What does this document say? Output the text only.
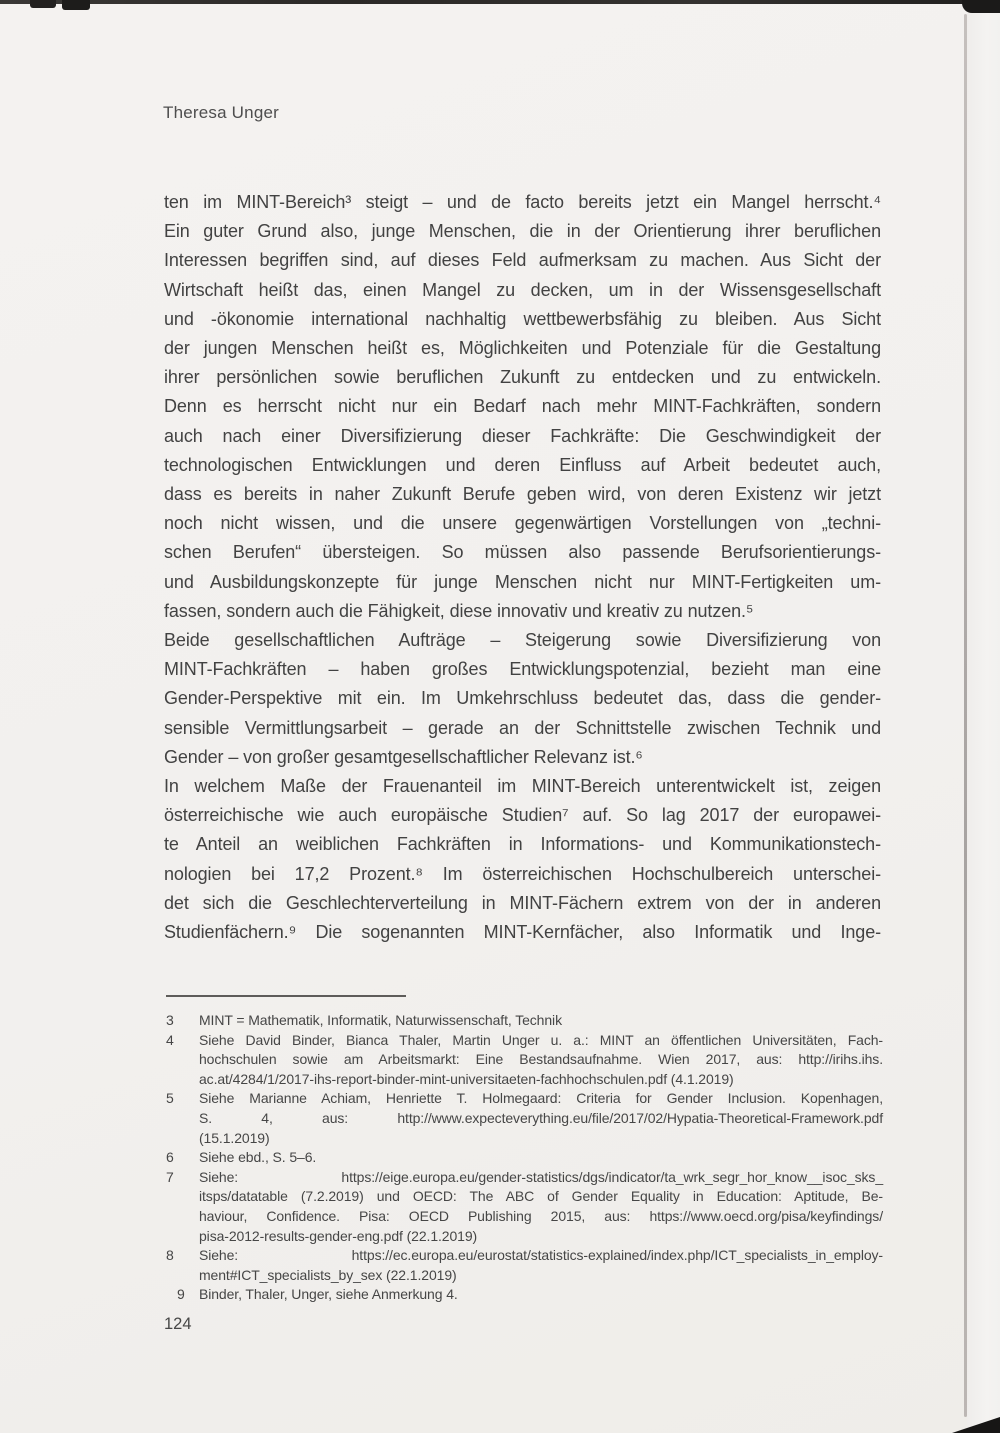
Theresa Unger
ten im MINT-Bereich³ steigt – und de facto bereits jetzt ein Mangel herrscht.⁴
Ein guter Grund also, junge Menschen, die in der Orientierung ihrer beruflichen
Interessen begriffen sind, auf dieses Feld aufmerksam zu machen. Aus Sicht der
Wirtschaft heißt das, einen Mangel zu decken, um in der Wissensgesellschaft
und -ökonomie international nachhaltig wettbewerbsfähig zu bleiben. Aus Sicht
der jungen Menschen heißt es, Möglichkeiten und Potenziale für die Gestaltung
ihrer persönlichen sowie beruflichen Zukunft zu entdecken und zu entwickeln.
Denn es herrscht nicht nur ein Bedarf nach mehr MINT-Fachkräften, sondern
auch nach einer Diversifizierung dieser Fachkräfte: Die Geschwindigkeit der
technologischen Entwicklungen und deren Einfluss auf Arbeit bedeutet auch,
dass es bereits in naher Zukunft Berufe geben wird, von deren Existenz wir jetzt
noch nicht wissen, und die unsere gegenwärtigen Vorstellungen von „techni-
schen Berufen“ übersteigen. So müssen also passende Berufsorientierungs-
und Ausbildungskonzepte für junge Menschen nicht nur MINT-Fertigkeiten um-
fassen, sondern auch die Fähigkeit, diese innovativ und kreativ zu nutzen.⁵
Beide gesellschaftlichen Aufträge – Steigerung sowie Diversifizierung von
MINT-Fachkräften – haben großes Entwicklungspotenzial, bezieht man eine
Gender-Perspektive mit ein. Im Umkehrschluss bedeutet das, dass die gender-
sensible Vermittlungsarbeit – gerade an der Schnittstelle zwischen Technik und
Gender – von großer gesamtgesellschaftlicher Relevanz ist.⁶
In welchem Maße der Frauenanteil im MINT-Bereich unterentwickelt ist, zeigen
österreichische wie auch europäische Studien⁷ auf. So lag 2017 der europawei-
te Anteil an weiblichen Fachkräften in Informations- und Kommunikationstech-
nologien bei 17,2 Prozent.⁸ Im österreichischen Hochschulbereich unterschei-
det sich die Geschlechterverteilung in MINT-Fächern extrem von der in anderen
Studienfächern.⁹ Die sogenannten MINT-Kernfächer, also Informatik und Inge-
3	MINT = Mathematik, Informatik, Naturwissenschaft, Technik
4	Siehe David Binder, Bianca Thaler, Martin Unger u. a.: MINT an öffentlichen Universitäten, Fach-
hochschulen sowie am Arbeitsmarkt: Eine Bestandsaufnahme. Wien 2017, aus: http://irihs.ihs.
ac.at/4284/1/2017-ihs-report-binder-mint-universitaeten-fachhochschulen.pdf (4.1.2019)
5	Siehe Marianne Achiam, Henriette T. Holmegaard: Criteria for Gender Inclusion. Kopenhagen,
S. 4, aus: http://www.expecteverything.eu/file/2017/02/Hypatia-Theoretical-Framework.pdf
(15.1.2019)
6	Siehe ebd., S. 5–6.
7	Siehe: https://eige.europa.eu/gender-statistics/dgs/indicator/ta_wrk_segr_hor_know__isoc_sks_
itsps/datatable (7.2.2019) und OECD: The ABC of Gender Equality in Education: Aptitude, Be-
haviour, Confidence. Pisa: OECD Publishing 2015, aus: https://www.oecd.org/pisa/keyfindings/
pisa-2012-results-gender-eng.pdf (22.1.2019)
8	Siehe: https://ec.europa.eu/eurostat/statistics-explained/index.php/ICT_specialists_in_employ-
ment#ICT_specialists_by_sex (22.1.2019)
9	Binder, Thaler, Unger, siehe Anmerkung 4.
124
